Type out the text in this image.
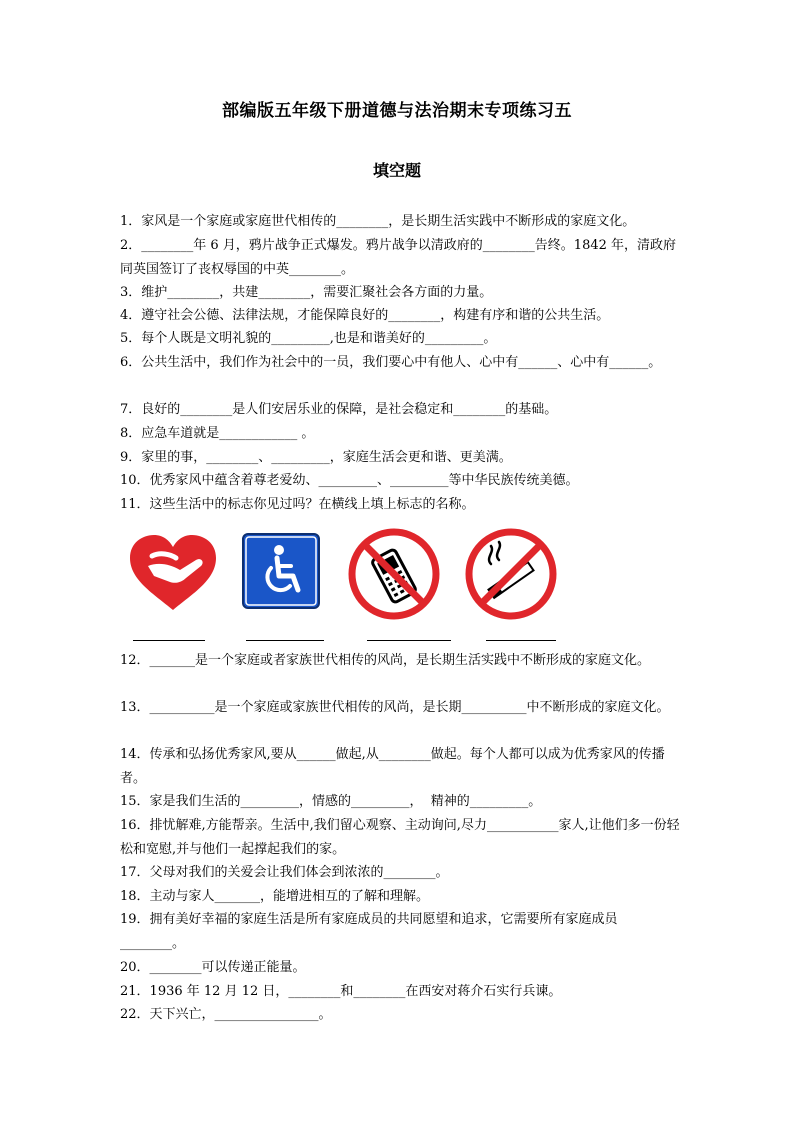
部编版五年级下册道德与法治期末专项练习五
填空题
1．家风是一个家庭或家庭世代相传的________，是长期生活实践中不断形成的家庭文化。
2．________年 6 月，鸦片战争正式爆发。鸦片战争以清政府的________告终。1842 年，清政府同英国签订了丧权辱国的中英________。
3．维护________，共建________，需要汇聚社会各方面的力量。
4．遵守社会公德、法律法规，才能保障良好的________，构建有序和谐的公共生活。
5．每个人既是文明礼貌的_________,也是和谐美好的_________。
6．公共生活中，我们作为社会中的一员，我们要心中有他人、心中有______、心中有______。
7．良好的________是人们安居乐业的保障，是社会稳定和________的基础。
8．应急车道就是____________ 。
9．家里的事，________、_________，家庭生活会更和谐、更美满。
10．优秀家风中蕴含着尊老爱幼、_________、_________等中华民族传统美德。
11．这些生活中的标志你见过吗？在横线上填上标志的名称。
12．_______是一个家庭或者家族世代相传的风尚，是长期生活实践中不断形成的家庭文化。
13．__________是一个家庭或家族世代相传的风尚，是长期__________中不断形成的家庭文化。
14．传承和弘扬优秀家风,要从______做起,从________做起。每个人都可以成为优秀家风的传播者。
15．家是我们生活的_________，情感的_________，  精神的_________。
16．排忧解难,方能帮亲。生活中,我们留心观察、主动询问,尽力___________家人,让他们多一份轻松和宽慰,并与他们一起撑起我们的家。
17．父母对我们的关爱会让我们体会到浓浓的________。
18．主动与家人_______，能增进相互的了解和理解。
19．拥有美好幸福的家庭生活是所有家庭成员的共同愿望和追求，它需要所有家庭成员________。
20．________可以传递正能量。
21．1936 年 12 月 12 日，________和________在西安对蒋介石实行兵谏。
22．天下兴亡，________________。
